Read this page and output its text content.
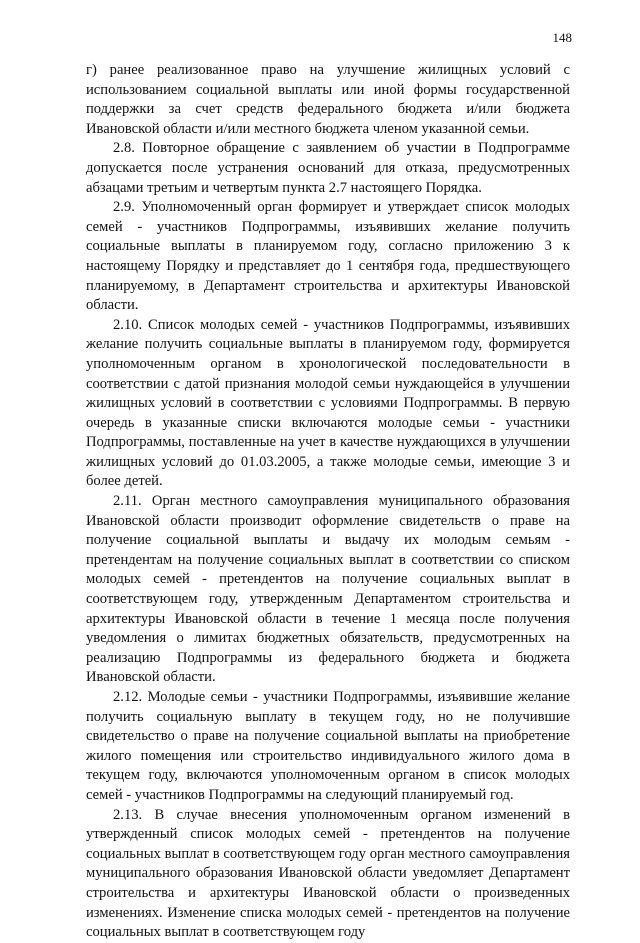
148

г) ранее реализованное право на улучшение жилищных условий с использованием социальной выплаты или иной формы государственной поддержки за счет средств федерального бюджета и/или бюджета Ивановской области и/или местного бюджета членом указанной семьи.

2.8. Повторное обращение с заявлением об участии в Подпрограмме допускается после устранения оснований для отказа, предусмотренных абзацами третьим и четвертым пункта 2.7 настоящего Порядка.

2.9. Уполномоченный орган формирует и утверждает список молодых семей - участников Подпрограммы, изъявивших желание получить социальные выплаты в планируемом году, согласно приложению 3 к настоящему Порядку и представляет до 1 сентября года, предшествующего планируемому, в Департамент строительства и архитектуры Ивановской области.

2.10. Список молодых семей - участников Подпрограммы, изъявивших желание получить социальные выплаты в планируемом году, формируется уполномоченным органом в хронологической последовательности в соответствии с датой признания молодой семьи нуждающейся в улучшении жилищных условий в соответствии с условиями Подпрограммы. В первую очередь в указанные списки включаются молодые семьи - участники Подпрограммы, поставленные на учет в качестве нуждающихся в улучшении жилищных условий до 01.03.2005, а также молодые семьи, имеющие 3 и более детей.

2.11. Орган местного самоуправления муниципального образования Ивановской области производит оформление свидетельств о праве на получение социальной выплаты и выдачу их молодым семьям - претендентам на получение социальных выплат в соответствии со списком молодых семей - претендентов на получение социальных выплат в соответствующем году, утвержденным Департаментом строительства и архитектуры Ивановской области в течение 1 месяца после получения уведомления о лимитах бюджетных обязательств, предусмотренных на реализацию Подпрограммы из федерального бюджета и бюджета Ивановской области.

2.12. Молодые семьи - участники Подпрограммы, изъявившие желание получить социальную выплату в текущем году, но не получившие свидетельство о праве на получение социальной выплаты на приобретение жилого помещения или строительство индивидуального жилого дома в текущем году, включаются уполномоченным органом в список молодых семей - участников Подпрограммы на следующий планируемый год.

2.13. В случае внесения уполномоченным органом изменений в утвержденный список молодых семей - претендентов на получение социальных выплат в соответствующем году орган местного самоуправления муниципального образования Ивановской области уведомляет Департамент строительства и архитектуры Ивановской области о произведенных изменениях. Изменение списка молодых семей - претендентов на получение социальных выплат в соответствующем году
